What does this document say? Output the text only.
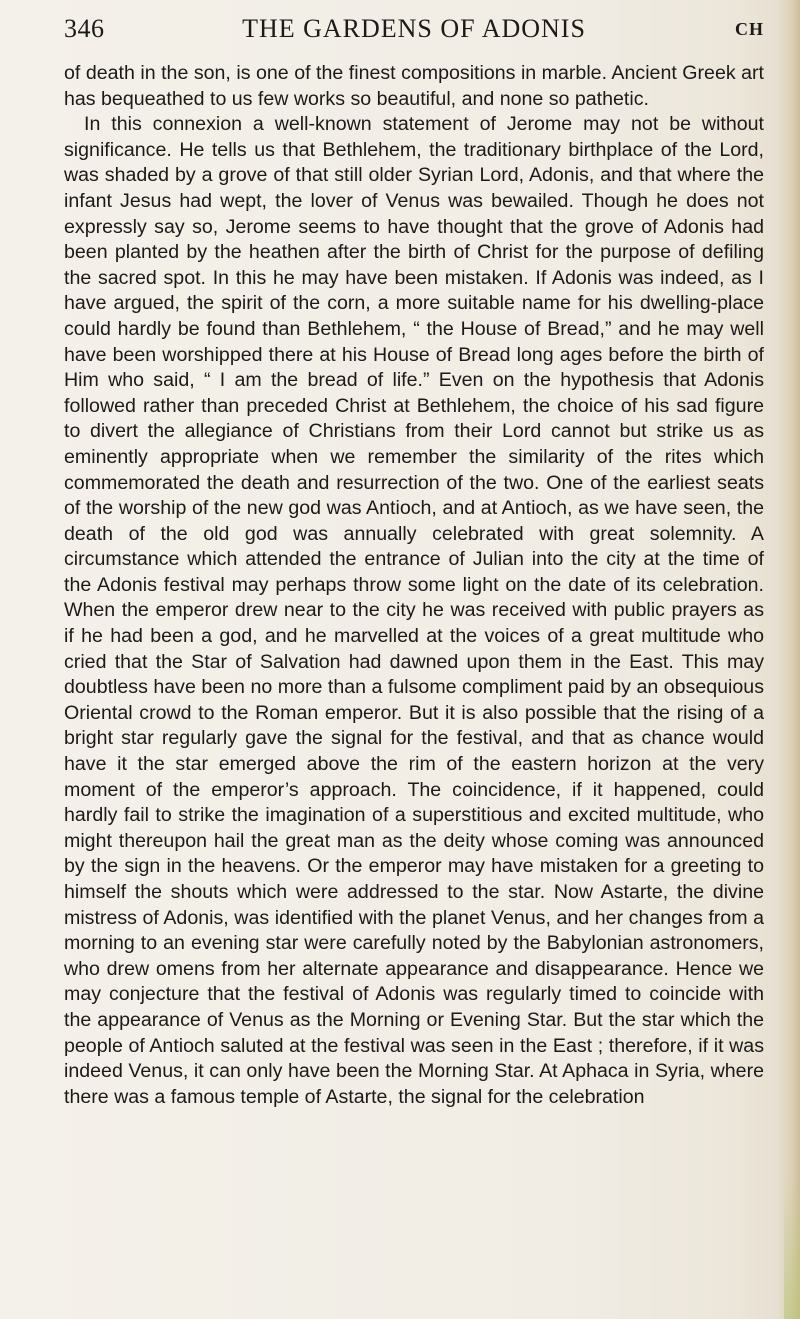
346	THE GARDENS OF ADONIS	CH

of death in the son, is one of the finest compositions in marble. Ancient Greek art has bequeathed to us few works so beautiful, and none so pathetic.

In this connexion a well-known statement of Jerome may not be without significance. He tells us that Bethlehem, the traditionary birthplace of the Lord, was shaded by a grove of that still older Syrian Lord, Adonis, and that where the infant Jesus had wept, the lover of Venus was bewailed. Though he does not expressly say so, Jerome seems to have thought that the grove of Adonis had been planted by the heathen after the birth of Christ for the purpose of defiling the sacred spot. In this he may have been mistaken. If Adonis was indeed, as I have argued, the spirit of the corn, a more suitable name for his dwelling-place could hardly be found than Bethlehem, “ the House of Bread,” and he may well have been worshipped there at his House of Bread long ages before the birth of Him who said, “ I am the bread of life.” Even on the hypothesis that Adonis followed rather than preceded Christ at Bethlehem, the choice of his sad figure to divert the allegiance of Christians from their Lord cannot but strike us as eminently appropriate when we remember the similarity of the rites which commemorated the death and resurrection of the two. One of the earliest seats of the worship of the new god was Antioch, and at Antioch, as we have seen, the death of the old god was annually celebrated with great solemnity. A circumstance which attended the entrance of Julian into the city at the time of the Adonis festival may perhaps throw some light on the date of its celebration. When the emperor drew near to the city he was received with public prayers as if he had been a god, and he marvelled at the voices of a great multitude who cried that the Star of Salvation had dawned upon them in the East. This may doubtless have been no more than a fulsome compliment paid by an obsequious Oriental crowd to the Roman emperor. But it is also possible that the rising of a bright star regularly gave the signal for the festival, and that as chance would have it the star emerged above the rim of the eastern horizon at the very moment of the emperor’s approach. The coincidence, if it happened, could hardly fail to strike the imagination of a superstitious and excited multitude, who might thereupon hail the great man as the deity whose coming was announced by the sign in the heavens. Or the emperor may have mistaken for a greeting to himself the shouts which were addressed to the star. Now Astarte, the divine mistress of Adonis, was identified with the planet Venus, and her changes from a morning to an evening star were carefully noted by the Babylonian astronomers, who drew omens from her alternate appearance and disappearance. Hence we may conjecture that the festival of Adonis was regularly timed to coincide with the appearance of Venus as the Morning or Evening Star. But the star which the people of Antioch saluted at the festival was seen in the East ; therefore, if it was indeed Venus, it can only have been the Morning Star. At Aphaca in Syria, where there was a famous temple of Astarte, the signal for the celebration
